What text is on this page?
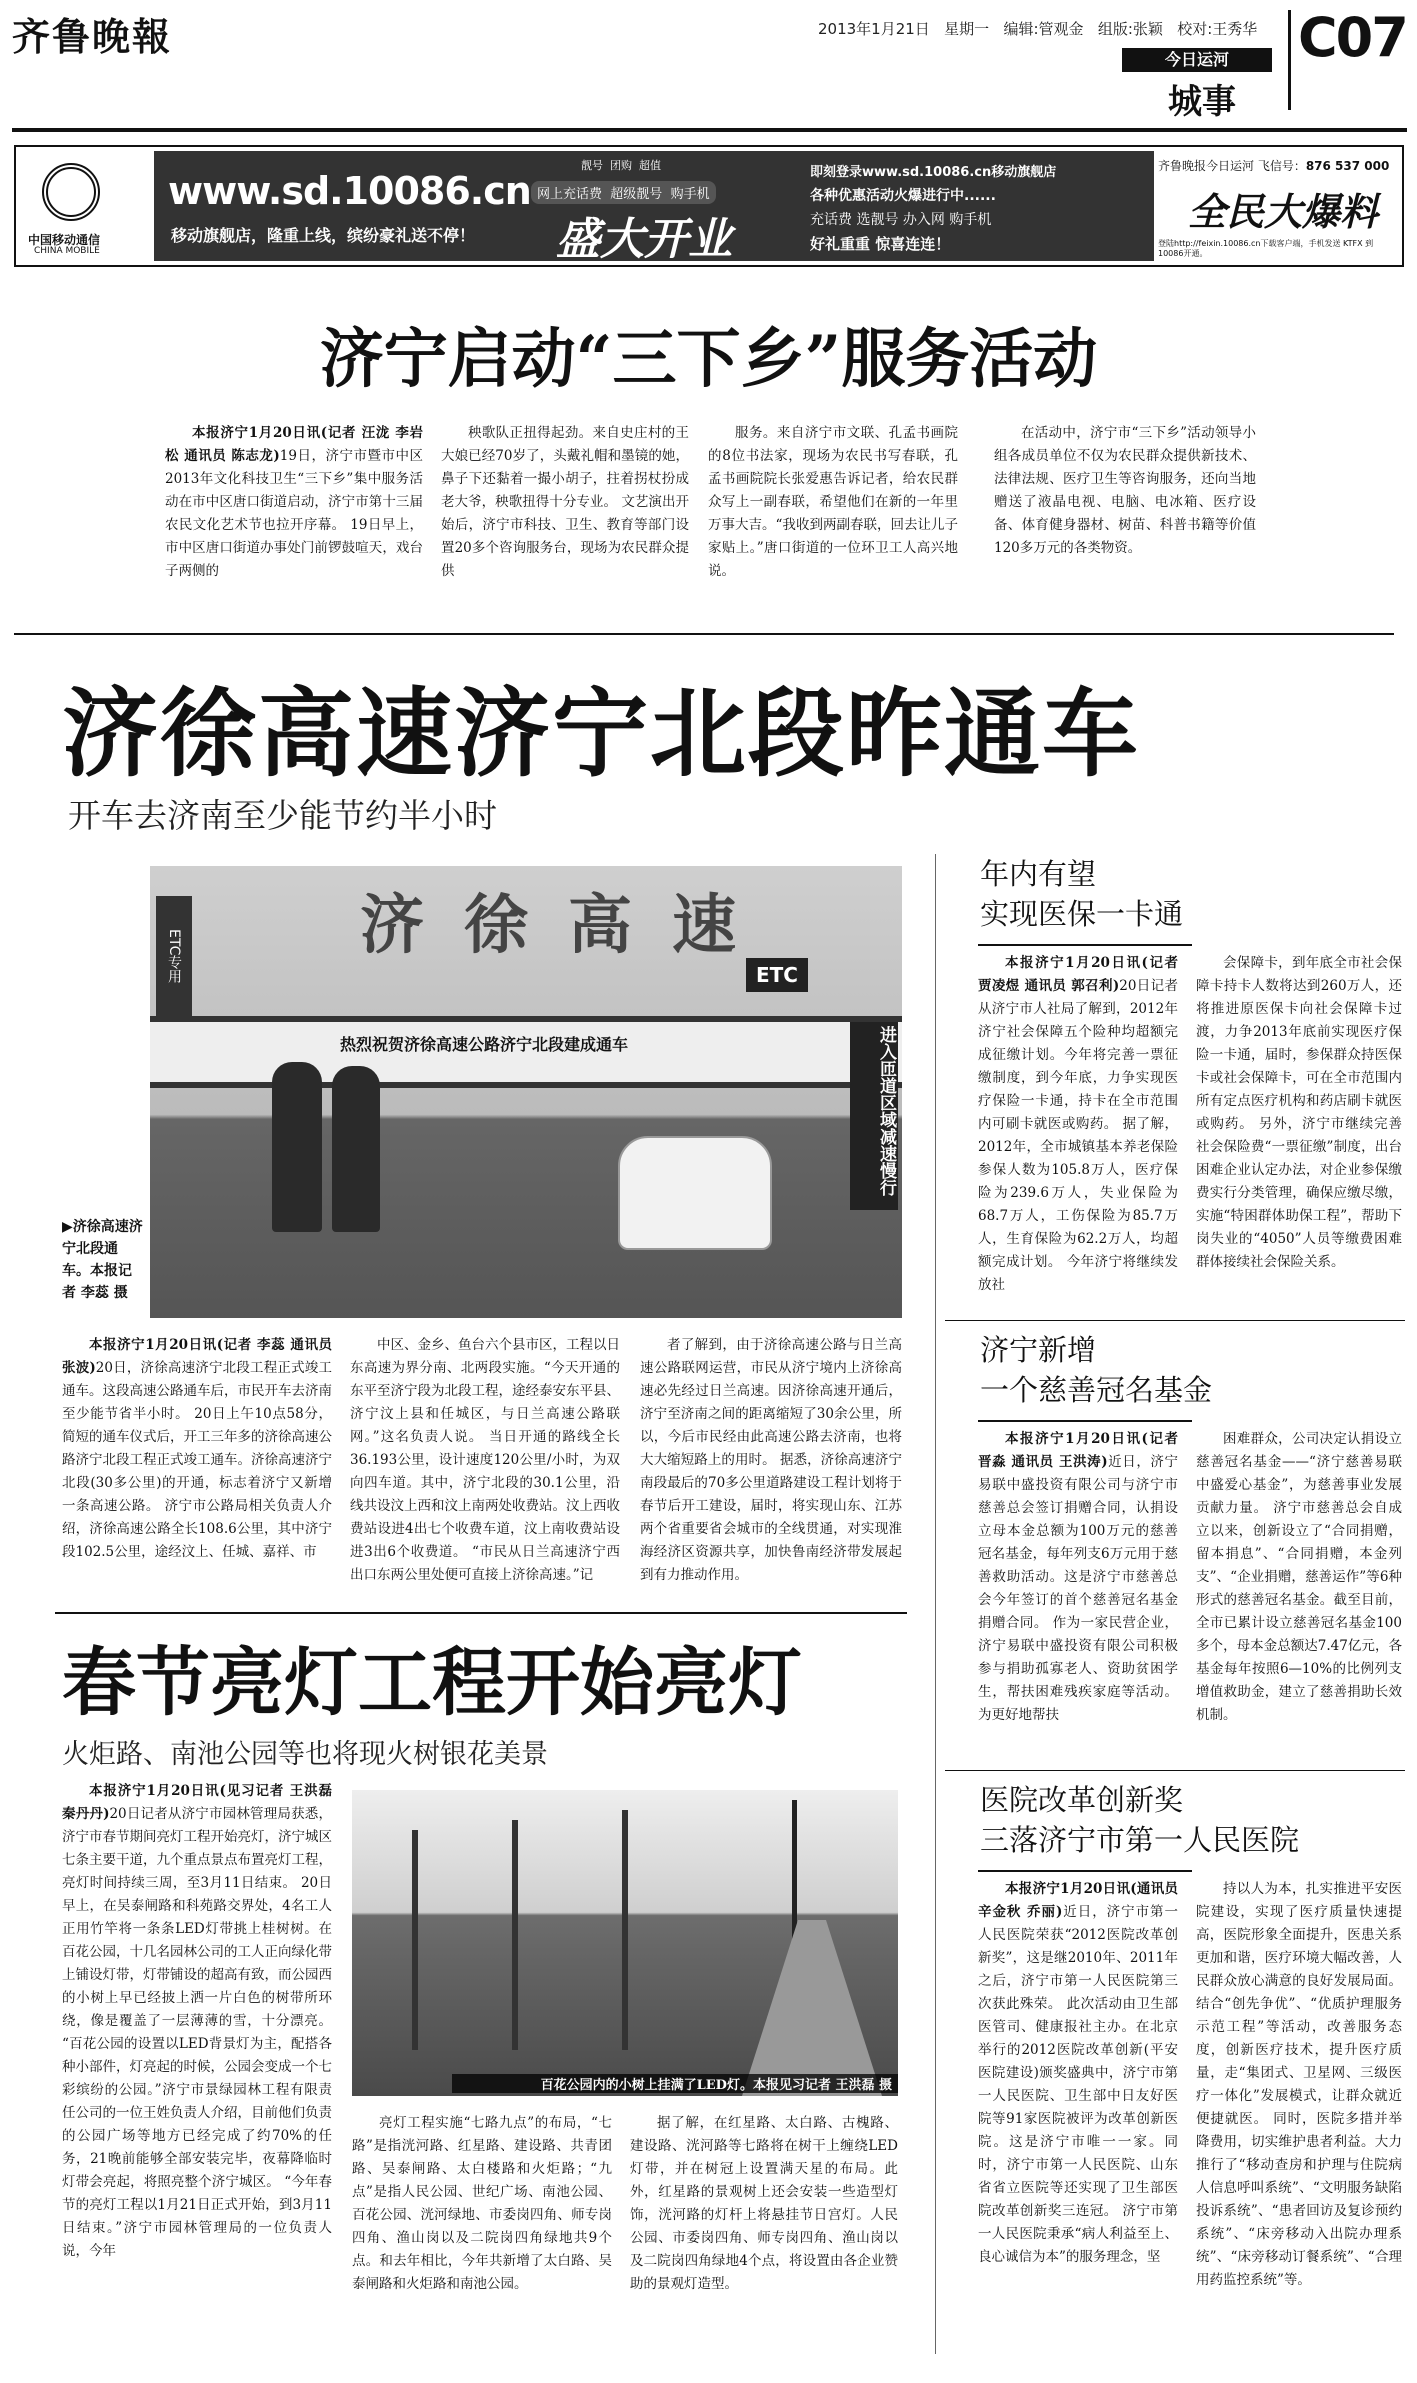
齐鲁晚報	2013年1月21日 星期一 编辑:管观金 组版:张颖 校对:王秀华
今日运河
城事
C07
中国移动通信
CHINA MOBILE
www.sd.10086.cn
移动旗舰店，隆重上线，缤纷豪礼送不停！
靓号 团购 超值
网上充话费 超级靓号 购手机
盛大开业
即刻登录www.sd.10086.cn移动旗舰店
各种优惠活动火爆进行中......
充话费 选靓号 办入网 购手机
好礼重重 惊喜连连！
齐鲁晚报今日运河 飞信号：876 537 000
全民大爆料
登陆http://feixin.10086.cn下载客户端，手机发送 KTFX 到10086开通。
济宁启动“三下乡”服务活动

本报济宁1月20日讯(记者 汪泷 李岩松 通讯员 陈志龙)19日，济宁市暨市中区2013年文化科技卫生“三下乡”集中服务活动在市中区唐口街道启动，济宁市第十三届农民文化艺术节也拉开序幕。 19日早上，市中区唐口街道办事处门前锣鼓喧天，戏台子两侧的

秧歌队正扭得起劲。来自史庄村的王大娘已经70岁了，头戴礼帽和墨镜的她，鼻子下还黏着一撮小胡子，拄着拐杖扮成老大爷，秧歌扭得十分专业。 文艺演出开始后，济宁市科技、卫生、教育等部门设置20多个咨询服务台，现场为农民群众提供

服务。来自济宁市文联、孔孟书画院的8位书法家，现场为农民书写春联，孔孟书画院院长张爱惠告诉记者，给农民群众写上一副春联，希望他们在新的一年里万事大吉。“我收到两副春联，回去让儿子家贴上。”唐口街道的一位环卫工人高兴地说。

在活动中，济宁市“三下乡”活动领导小组各成员单位不仅为农民群众提供新技术、法律法规、医疗卫生等咨询服务，还向当地赠送了液晶电视、电脑、电冰箱、医疗设备、体育健身器材、树苗、科普书籍等价值120多万元的各类物资。

济徐高速济宁北段昨通车
开车去济南至少能节约半小时
热烈祝贺济徐高速公路济宁北段建成通车
ETC
济徐高速
ETC专用
进入匝道区域减速慢行
▶济徐高速济宁北段通车。本报记者 李蕊 摄

本报济宁1月20日讯(记者 李蕊 通讯员 张波)20日，济徐高速济宁北段工程正式竣工通车。这段高速公路通车后，市民开车去济南至少能节省半小时。 20日上午10点58分，简短的通车仪式后，开工三年多的济徐高速公路济宁北段工程正式竣工通车。济徐高速济宁北段(30多公里)的开通，标志着济宁又新增一条高速公路。 济宁市公路局相关负责人介绍，济徐高速公路全长108.6公里，其中济宁段102.5公里，途经汶上、任城、嘉祥、市

中区、金乡、鱼台六个县市区，工程以日东高速为界分南、北两段实施。“今天开通的东平至济宁段为北段工程，途经泰安东平县、济宁汶上县和任城区，与日兰高速公路联网。”这名负责人说。 当日开通的路线全长36.193公里，设计速度120公里/小时，为双向四车道。其中，济宁北段的30.1公里，沿线共设汶上西和汶上南两处收费站。汶上西收费站设进4出七个收费车道，汶上南收费站设进3出6个收费道。 “市民从日兰高速济宁西出口东两公里处便可直接上济徐高速。”记

者了解到，由于济徐高速公路与日兰高速公路联网运营，市民从济宁境内上济徐高速必先经过日兰高速。因济徐高速开通后，济宁至济南之间的距离缩短了30余公里，所以，今后市民经由此高速公路去济南，也将大大缩短路上的用时。 据悉，济徐高速济宁南段最后的70多公里道路建设工程计划将于春节后开工建设，届时，将实现山东、江苏两个省重要省会城市的全线贯通，对实现淮海经济区资源共享，加快鲁南经济带发展起到有力推动作用。

春节亮灯工程开始亮灯
火炬路、南池公园等也将现火树银花美景

本报济宁1月20日讯(见习记者 王洪磊 秦丹丹)20日记者从济宁市园林管理局获悉，济宁市春节期间亮灯工程开始亮灯，济宁城区七条主要干道，九个重点景点布置亮灯工程，亮灯时间持续三周，至3月11日结束。 20日早上，在吴泰闸路和科苑路交界处，4名工人正用竹竿将一条条LED灯带挑上桂树树。在百花公园，十几名园林公司的工人正向绿化带上铺设灯带，灯带铺设的超高有致，而公园西的小树上早已经披上洒一片白色的树带所环绕，像是覆盖了一层薄薄的雪，十分漂亮。 “百花公园的设置以LED背景灯为主，配搭各种小部件，灯亮起的时候，公园会变成一个七彩缤纷的公园。”济宁市景绿园林工程有限责任公司的一位王姓负责人介绍，目前他们负责的公园广场等地方已经完成了约70%的任务，21晚前能够全部安装完毕，夜幕降临时灯带会亮起，将照亮整个济宁城区。 “今年春节的亮灯工程以1月21日正式开始，到3月11日结束。”济宁市园林管理局的一位负责人说，今年

百花公园内的小树上挂满了LED灯。本报见习记者 王洪磊 摄

亮灯工程实施“七路九点”的布局，“七路”是指洸河路、红星路、建设路、共青团路、吴泰闸路、太白楼路和火炬路；“九点”是指人民公园、世纪广场、南池公园、百花公园、洸河绿地、市委岗四角、师专岗四角、渔山岗以及二院岗四角绿地共9个点。和去年相比，今年共新增了太白路、吴泰闸路和火炬路和南池公园。

据了解，在红星路、太白路、古槐路、建设路、洸河路等七路将在树干上缠绕LED灯带，并在树冠上设置满天星的布局。此外，红星路的景观树上还会安装一些造型灯饰，洸河路的灯杆上将悬挂节日宫灯。人民公园、市委岗四角、师专岗四角、渔山岗以及二院岗四角绿地4个点，将设置由各企业赞助的景观灯造型。

年内有望
实现医保一卡通

本报济宁1月20日讯(记者 贾凌煜 通讯员 郭召利)20日记者从济宁市人社局了解到，2012年济宁社会保障五个险种均超额完成征缴计划。今年将完善一票征缴制度，到今年底，力争实现医疗保险一卡通，持卡在全市范围内可刷卡就医或购药。 据了解，2012年，全市城镇基本养老保险参保人数为105.8万人，医疗保险为239.6万人，失业保险为68.7万人，工伤保险为85.7万人，生育保险为62.2万人，均超额完成计划。 今年济宁将继续发放社

会保障卡，到年底全市社会保障卡持卡人数将达到260万人，还将推进原医保卡向社会保障卡过渡，力争2013年底前实现医疗保险一卡通，届时，参保群众持医保卡或社会保障卡，可在全市范围内所有定点医疗机构和药店刷卡就医或购药。 另外，济宁市继续完善社会保险费“一票征缴”制度，出台困难企业认定办法，对企业参保缴费实行分类管理，确保应缴尽缴，实施“特困群体助保工程”，帮助下岗失业的“4050”人员等缴费困难群体接续社会保险关系。

济宁新增
一个慈善冠名基金

本报济宁1月20日讯(记者 晋淼 通讯员 王洪涛)近日，济宁易联中盛投资有限公司与济宁市慈善总会签订捐赠合同，认捐设立母本金总额为100万元的慈善冠名基金，每年列支6万元用于慈善救助活动。这是济宁市慈善总会今年签订的首个慈善冠名基金捐赠合同。 作为一家民营企业，济宁易联中盛投资有限公司积极参与捐助孤寡老人、资助贫困学生，帮扶困难残疾家庭等活动。为更好地帮扶

困难群众，公司决定认捐设立慈善冠名基金——“济宁慈善易联中盛爱心基金”，为慈善事业发展贡献力量。 济宁市慈善总会自成立以来，创新设立了“合同捐赠，留本捐息”、“合同捐赠，本金列支”、“企业捐赠，慈善运作”等6种形式的慈善冠名基金。截至目前，全市已累计设立慈善冠名基金100多个，母本金总额达7.47亿元，各基金每年按照6—10%的比例列支增值救助金，建立了慈善捐助长效机制。

医院改革创新奖
三落济宁市第一人民医院

本报济宁1月20日讯(通讯员 辛金秋 乔丽)近日，济宁市第一人民医院荣获“2012医院改革创新奖”，这是继2010年、2011年之后，济宁市第一人民医院第三次获此殊荣。 此次活动由卫生部医管司、健康报社主办。在北京举行的2012医院改革创新(平安医院建设)颁奖盛典中，济宁市第一人民医院、卫生部中日友好医院等91家医院被评为改革创新医院。这是济宁市唯一一家。同时，济宁市第一人民医院、山东省省立医院等还实现了卫生部医院改革创新奖三连冠。 济宁市第一人民医院秉承“病人利益至上、良心诚信为本”的服务理念，坚

持以人为本，扎实推进平安医院建设，实现了医疗质量快速提高，医院形象全面提升，医患关系更加和谐，医疗环境大幅改善，人民群众放心满意的良好发展局面。 结合“创先争优”、“优质护理服务示范工程”等活动，改善服务态度，创新医疗技术，提升医疗质量，走“集团式、卫星网、三级医疗一体化”发展模式，让群众就近便捷就医。 同时，医院多措并举降费用，切实维护患者利益。大力推行了“移动查房和护理与住院病人信息呼叫系统”、“文明服务缺陷投诉系统”、“患者回访及复诊预约系统”、“床旁移动入出院办理系统”、“床旁移动订餐系统”、“合理用药监控系统”等。
